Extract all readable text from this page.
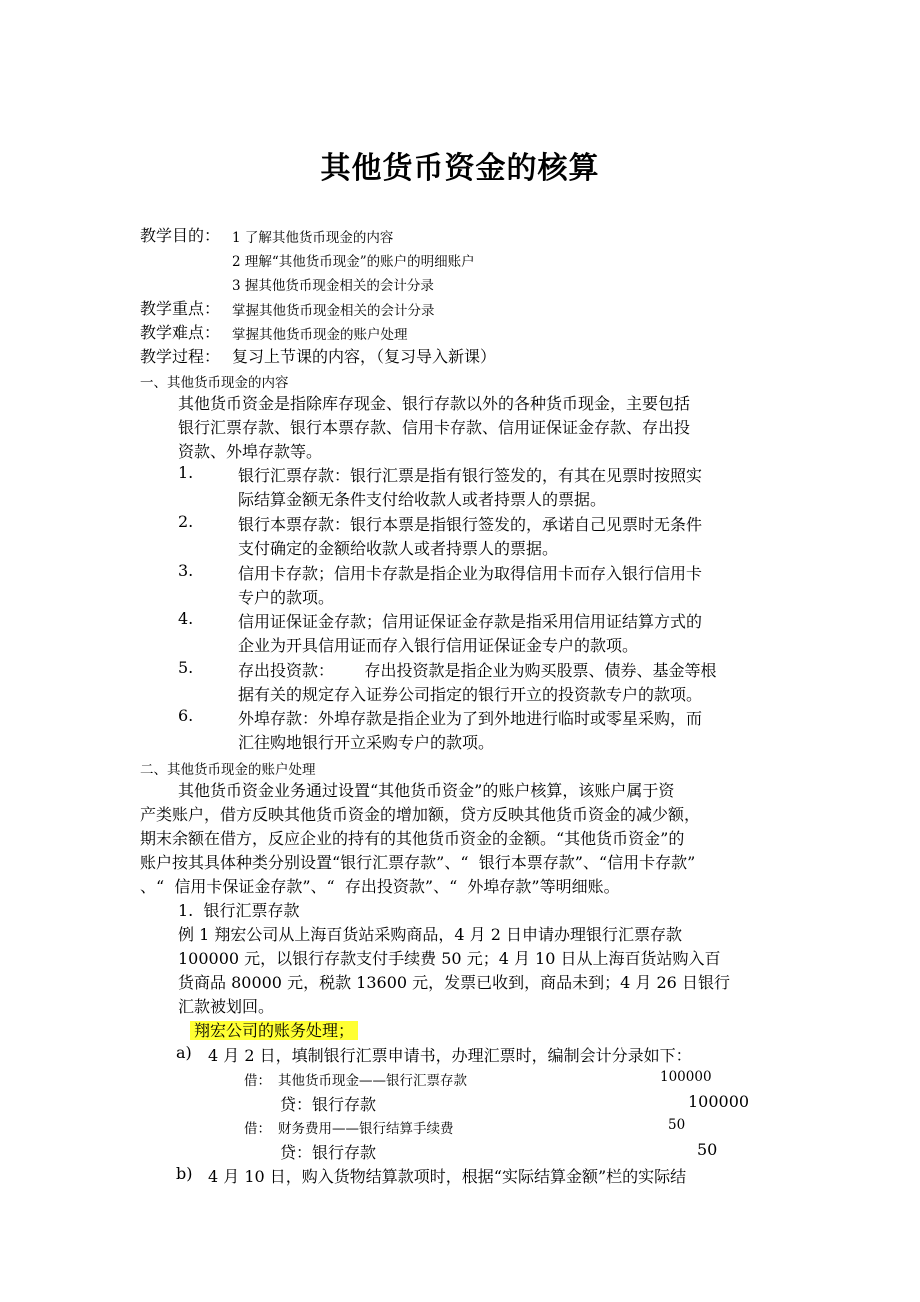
其他货币资金的核算
教学目的： 1 了解其他货币现金的内容
2 理解“其他货币现金”的账户的明细账户
3 握其他货币现金相关的会计分录
教学重点： 掌握其他货币现金相关的会计分录
教学难点： 掌握其他货币现金的账户处理
教学过程： 复习上节课的内容，（复习导入新课）
一、其他货币现金的内容
其他货币资金是指除库存现金、银行存款以外的各种货币现金，主要包括
银行汇票存款、银行本票存款、信用卡存款、信用证保证金存款、存出投
资款、外埠存款等。
1.	银行汇票存款：银行汇票是指有银行签发的，有其在见票时按照实
际结算金额无条件支付给收款人或者持票人的票据。
2.	银行本票存款：银行本票是指银行签发的，承诺自己见票时无条件
支付确定的金额给收款人或者持票人的票据。
3.	信用卡存款；信用卡存款是指企业为取得信用卡而存入银行信用卡
专户的款项。
4.	信用证保证金存款；信用证保证金存款是指采用信用证结算方式的
企业为开具信用证而存入银行信用证保证金专户的款项。
5.	存出投资款：      存出投资款是指企业为购买股票、债券、基金等根
据有关的规定存入证券公司指定的银行开立的投资款专户的款项。
6.	外埠存款：外埠存款是指企业为了到外地进行临时或零星采购，而
汇往购地银行开立采购专户的款项。
二、其他货币现金的账户处理
其他货币资金业务通过设置“其他货币资金”的账户核算，该账户属于资
产类账户，借方反映其他货币资金的增加额，贷方反映其他货币资金的减少额，
期末余额在借方，反应企业的持有的其他货币资金的金额。“其他货币资金”的
账户按其具体种类分别设置“银行汇票存款”、“  银行本票存款”、“信用卡存款”
、“  信用卡保证金存款”、“  存出投资款”、“  外埠存款”等明细账。
1.  银行汇票存款
例 1 翔宏公司从上海百货站采购商品，4 月 2 日申请办理银行汇票存款
100000 元，以银行存款支付手续费 50 元；4 月 10 日从上海百货站购入百
货商品 80000 元，税款 13600 元，发票已收到，商品未到；4 月 26 日银行
汇款被划回。
翔宏公司的账务处理；
a) 4 月 2 日，填制银行汇票申请书，办理汇票时，编制会计分录如下：
借： 其他货币现金——银行汇票存款	100000
贷： 银行存款	100000
借： 财务费用——银行结算手续费	50
贷： 银行存款	50
b) 4 月 10 日，购入货物结算款项时，根据“实际结算金额”栏的实际结
